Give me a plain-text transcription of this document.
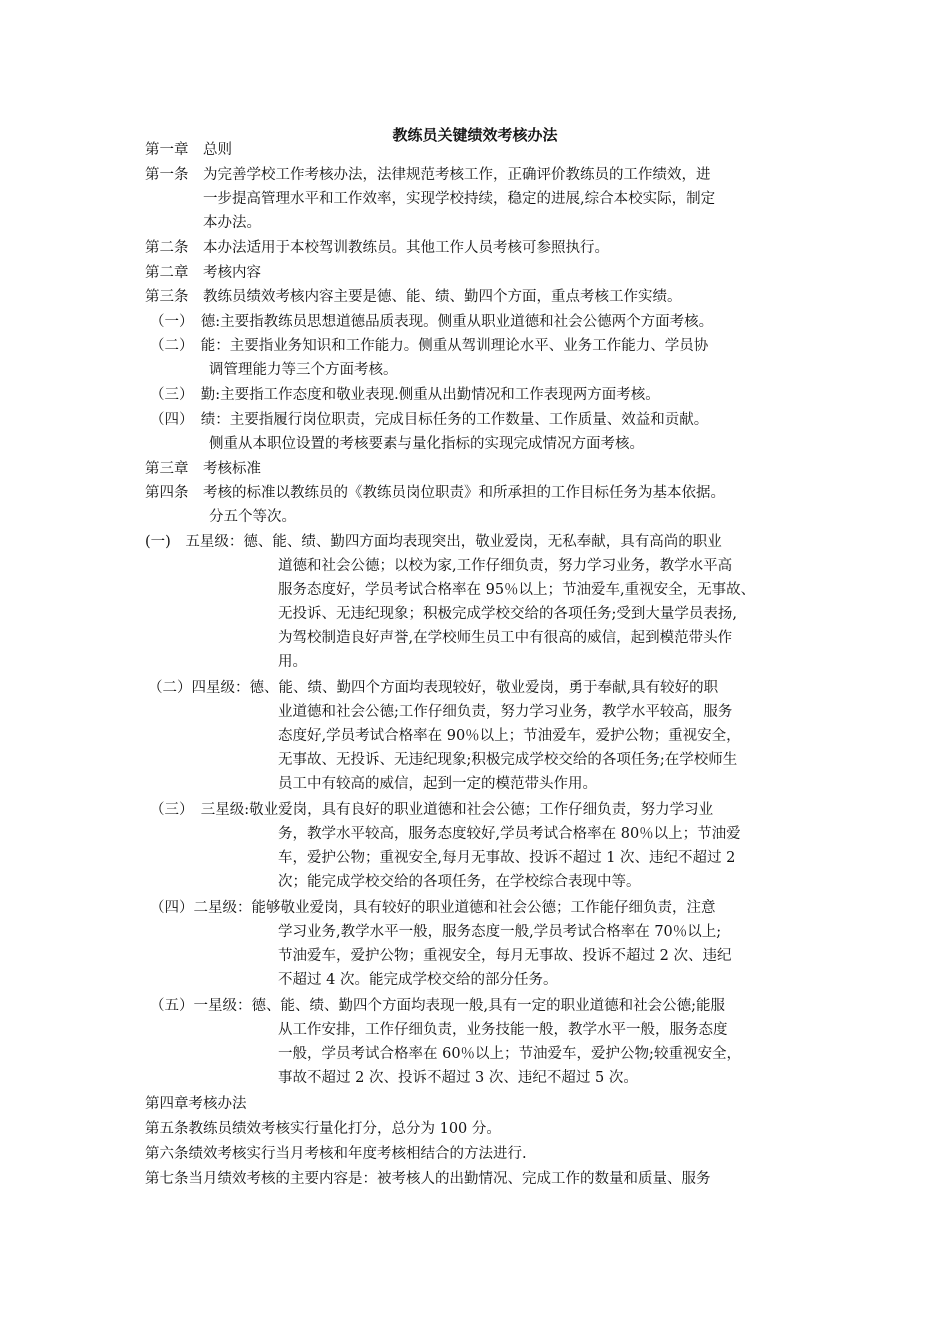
教练员关键绩效考核办法
第一章　总则
第一条　为完善学校工作考核办法，法律规范考核工作，正确评价教练员的工作绩效，进
一步提高管理水平和工作效率，实现学校持续，稳定的进展,综合本校实际，制定
本办法。
第二条　本办法适用于本校驾训教练员。其他工作人员考核可参照执行。
第二章　考核内容
第三条　教练员绩效考核内容主要是德、能、绩、勤四个方面，重点考核工作实绩。
（一）　德:主要指教练员思想道德品质表现。侧重从职业道德和社会公德两个方面考核。
（二）　能：主要指业务知识和工作能力。侧重从驾训理论水平、业务工作能力、学员协
调管理能力等三个方面考核。
（三）　勤:主要指工作态度和敬业表现.侧重从出勤情况和工作表现两方面考核。
（四）　绩：主要指履行岗位职责，完成目标任务的工作数量、工作质量、效益和贡献。
侧重从本职位设置的考核要素与量化指标的实现完成情况方面考核。
第三章　考核标准
第四条　考核的标准以教练员的《教练员岗位职责》和所承担的工作目标任务为基本依据。
分五个等次。
(一)　五星级：德、能、绩、勤四方面均表现突出，敬业爱岗，无私奉献，具有高尚的职业
道德和社会公德；以校为家,工作仔细负责，努力学习业务，教学水平高
服务态度好，学员考试合格率在 95％以上；节油爱车,重视安全，无事故、
无投诉、无违纪现象；积极完成学校交给的各项任务;受到大量学员表扬,
为驾校制造良好声誉,在学校师生员工中有很高的威信，起到模范带头作
用。
（二）四星级：德、能、绩、勤四个方面均表现较好，敬业爱岗，勇于奉献,具有较好的职
业道德和社会公德;工作仔细负责，努力学习业务，教学水平较高，服务
态度好,学员考试合格率在 90％以上；节油爱车，爱护公物；重视安全，
无事故、无投诉、无违纪现象;积极完成学校交给的各项任务;在学校师生
员工中有较高的威信，起到一定的模范带头作用。
（三）　三星级:敬业爱岗，具有良好的职业道德和社会公德；工作仔细负责，努力学习业
务，教学水平较高，服务态度较好,学员考试合格率在 80％以上；节油爱
车，爱护公物；重视安全,每月无事故、投诉不超过 1 次、违纪不超过 2
次；能完成学校交给的各项任务，在学校综合表现中等。
（四）二星级：能够敬业爱岗，具有较好的职业道德和社会公德；工作能仔细负责，注意
学习业务,教学水平一般，服务态度一般,学员考试合格率在 70％以上;
节油爱车，爱护公物；重视安全，每月无事故、投诉不超过 2 次、违纪
不超过 4 次。能完成学校交给的部分任务。
（五）一星级：德、能、绩、勤四个方面均表现一般,具有一定的职业道德和社会公德;能服
从工作安排，工作仔细负责，业务技能一般，教学水平一般，服务态度
一般，学员考试合格率在 60％以上；节油爱车，爱护公物;较重视安全，
事故不超过 2 次、投诉不超过 3 次、违纪不超过 5 次。
第四章考核办法
第五条教练员绩效考核实行量化打分，总分为 100 分。
第六条绩效考核实行当月考核和年度考核相结合的方法进行.
第七条当月绩效考核的主要内容是：被考核人的出勤情况、完成工作的数量和质量、服务
